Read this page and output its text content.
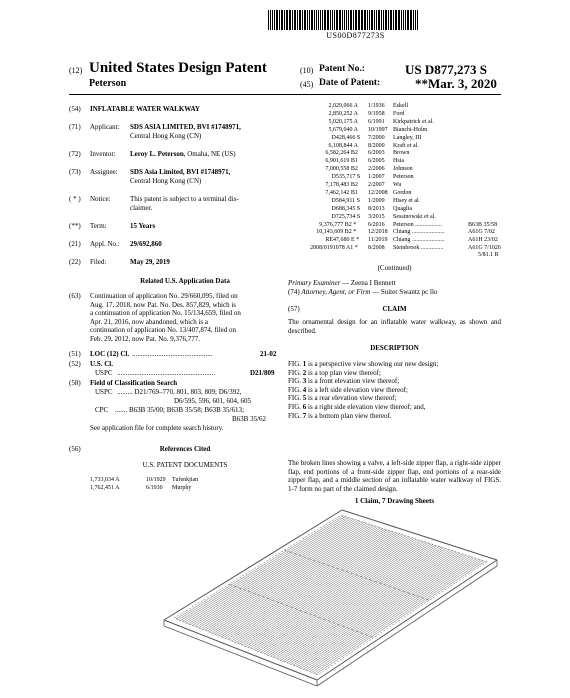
US00D877273S
(12) United States Design Patent
Peterson
(10) Patent No.:	US D877,273 S
(45) Date of Patent:	**Mar. 3, 2020
(54) INFLATABLE WATER WALKWAY
(71) Applicant: SDS ASIA LIMITED, BVI #1748971,
Central Hong Kong (CN)
(72) Inventor: Leroy L. Peterson, Omaha, NE (US)
(73) Assignee: SDS Asia Limited, BVI #1748971,
Central Hong Kong (CN)
( * ) Notice:	This patent is subject to a terminal dis-
claimer.
(**) Term:	15 Years
(21) Appl. No.: 29/692,860
(22) Filed:	May 29, 2019
Related U.S. Application Data
(63) Continuation of application No. 29/660,095, filed on
Aug. 17, 2018, now Pat. No. Des. 857,829, which is
a continuation of application No. 15/134,659, filed on
Apr. 21, 2016, now abandoned, which is a
continuation of application No. 13/407,874, filed on
Feb. 29, 2012, now Pat. No. 9,376,777.
(51) LOC (12) Cl. ..............................................	21-02
(52) U.S. Cl.
USPC ........................................................	D21/809
(58) Field of Classification Search
USPC ......... D21/769–770, 801, 803, 809; D6/392,
D6/595, 596, 601, 604, 605
CPC ....... B63B 35/00; B63B 35/58; B63B 35/613;
B63B 35/62
See application file for complete search history.
(56)	References Cited
U.S. PATENT DOCUMENTS
1,733,034 A	10/1929 Tufenkjian
1,762,451 A	6/1930 Murphy
2,029,066 A 1/1936 Eskell
2,850,252 A 9/1958 Ford
5,020,175 A 6/1991 Kirkpatrick et al.
5,679,040 A 10/1997 Bianchi-Holm
D428,466 S 7/2000 Langley, III
6,108,844 A 8/2000 Kraft et al.
6,582,264 B2 6/2003 Brown
6,901,619 B1 6/2005 Hsia
7,000,558 B2 2/2006 Johnson
D535,717 S 1/2007 Peterson
7,178,483 B2 2/2007 Wu
7,462,142 B1 12/2008 Gordon
D584,911 S 1/2009 Hisey et al.
D688,345 S 8/2013 Quaglia
D725,734 S 3/2015 Sessinowski et al.
9,376,777 B2 * 6/2016 Peterson ..................	B63B 35/58
10,143,609 B2 * 12/2018 Chiang ......................	A61G 7/02
RE47,680 E * 11/2019 Chiang ......................	A61H 23/02
2008/0191078 A1 * 8/2008 Steinbrook ...............	A61G 7/1026
5/81.1 R
(Continued)
Primary Examiner — Zeena I Bennett
(74) Attorney, Agent, or Firm — Suiter Swantz pc llo
(57)	CLAIM
The ornamental design for an inflatable water walkway, as shown and described.
DESCRIPTION
FIG. 1 is a perspective view showing our new design;
FIG. 2 is a top plan view thereof;
FIG. 3 is a front elevation view thereof;
FIG. 4 is a left side elevation view thereof;
FIG. 5 is a rear elevation view thereof;
FIG. 6 is a right side elevation view thereof; and,
FIG. 7 is a bottom plan view thereof.
The broken lines showing a valve, a left-side zipper flap, a right-side zipper flap, end portions of a front-side zipper flap, end portions of a rear-side zipper flap, and a middle section of an inflatable water walkway of FIGS. 1-7 form no part of the claimed design.
1 Claim, 7 Drawing Sheets
